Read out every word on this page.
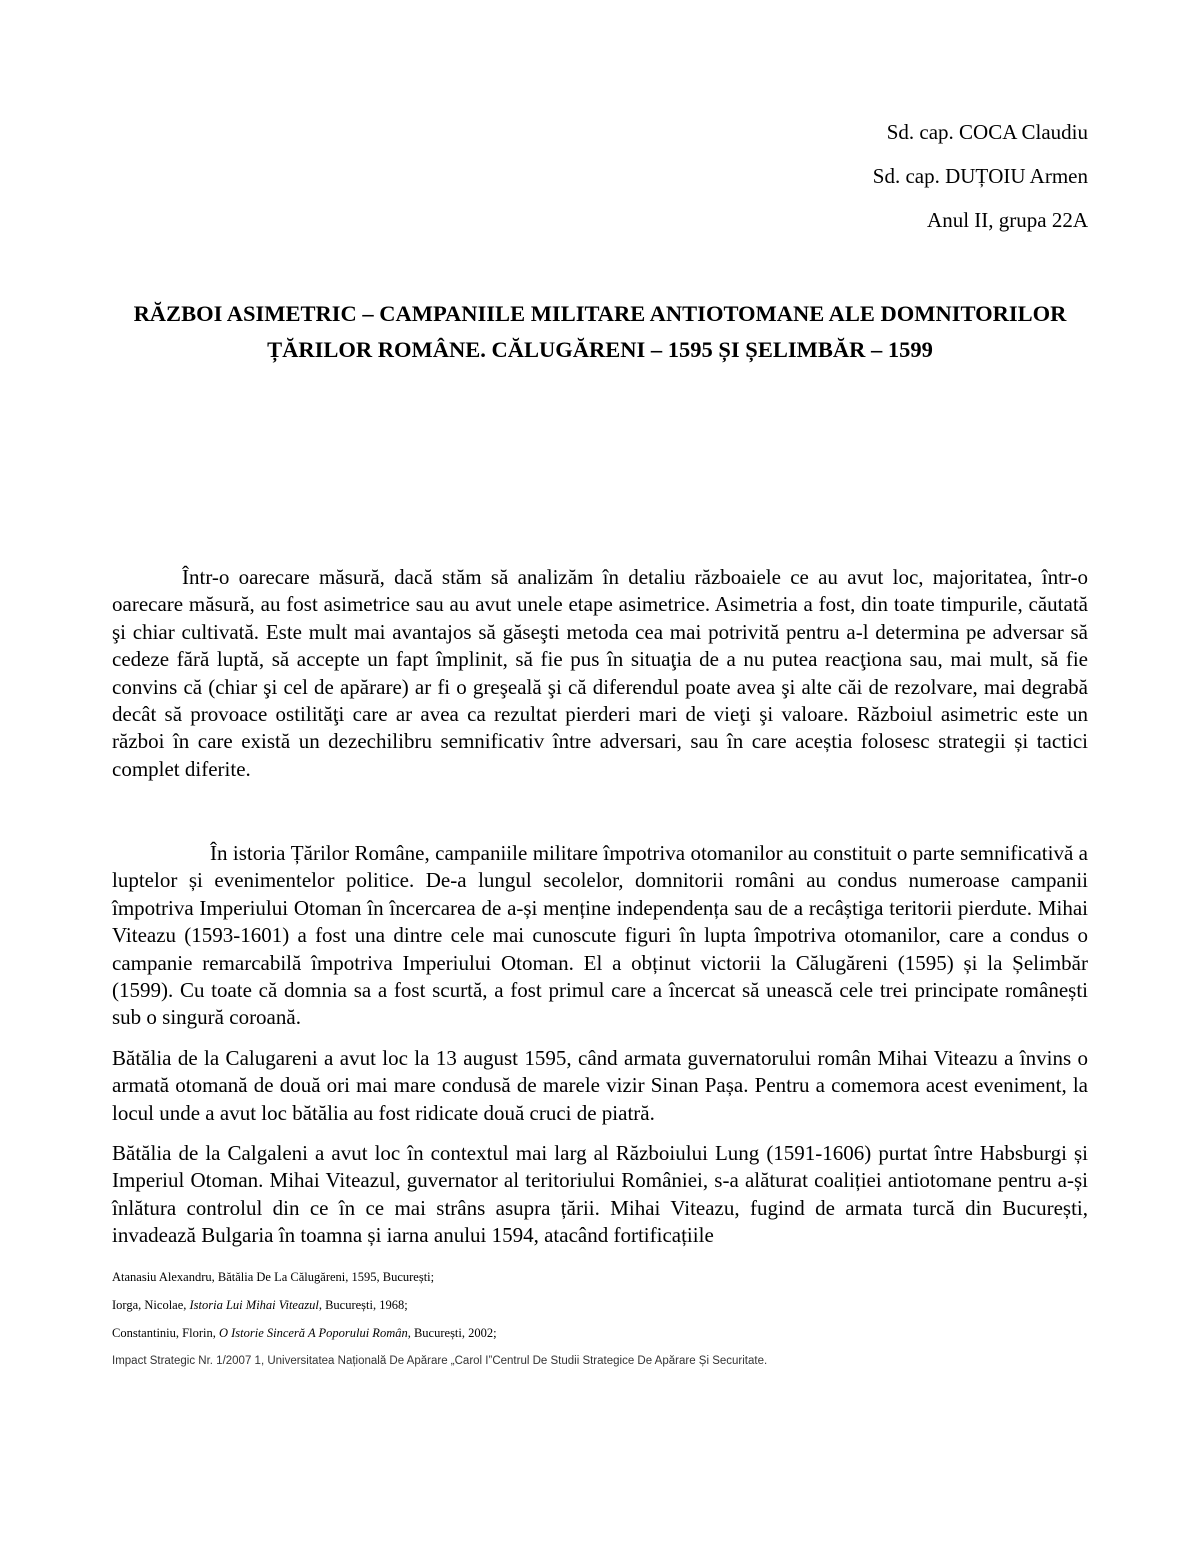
Sd. cap. COCA Claudiu
Sd. cap. DUȚOIU Armen
Anul II, grupa 22A
RĂZBOI ASIMETRIC – CAMPANIILE MILITARE ANTIOTOMANE ALE DOMNITORILOR ȚĂRILOR ROMÂNE. CĂLUGĂRENI – 1595 ȘI ȘELIMBĂR – 1599

Într-o oarecare măsură, dacă stăm să analizăm în detaliu războaiele ce au avut loc, majoritatea, într-o oarecare măsură, au fost asimetrice sau au avut unele etape asimetrice. Asimetria a fost, din toate timpurile, căutată şi chiar cultivată. Este mult mai avantajos să găseşti metoda cea mai potrivită pentru a-l determina pe adversar să cedeze fără luptă, să accepte un fapt împlinit, să fie pus în situaţia de a nu putea reacţiona sau, mai mult, să fie convins că (chiar şi cel de apărare) ar fi o greşeală şi că diferendul poate avea şi alte căi de rezolvare, mai degrabă decât să provoace ostilităţi care ar avea ca rezultat pierderi mari de vieţi şi valoare. Războiul asimetric este un război în care există un dezechilibru semnificativ între adversari, sau în care aceștia folosesc strategii și tactici complet diferite.

În istoria Țărilor Române, campaniile militare împotriva otomanilor au constituit o parte semnificativă a luptelor și evenimentelor politice. De-a lungul secolelor, domnitorii români au condus numeroase campanii împotriva Imperiului Otoman în încercarea de a-și menține independența sau de a recâștiga teritorii pierdute. Mihai Viteazu (1593-1601) a fost una dintre cele mai cunoscute figuri în lupta împotriva otomanilor, care a condus o campanie remarcabilă împotriva Imperiului Otoman. El a obținut victorii la Călugăreni (1595) și la Șelimbăr (1599). Cu toate că domnia sa a fost scurtă, a fost primul care a încercat să unească cele trei principate românești sub o singură coroană.

Bătălia de la Calugareni a avut loc la 13 august 1595, când armata guvernatorului român Mihai Viteazu a învins o armată otomană de două ori mai mare condusă de marele vizir Sinan Pașa. Pentru a comemora acest eveniment, la locul unde a avut loc bătălia au fost ridicate două cruci de piatră.

Bătălia de la Calgaleni a avut loc în contextul mai larg al Războiului Lung (1591-1606) purtat între Habsburgi și Imperiul Otoman. Mihai Viteazul, guvernator al teritoriului României, s-a alăturat coaliției antiotomane pentru a-și înlătura controlul din ce în ce mai strâns asupra țării. Mihai Viteazu, fugind de armata turcă din București, invadează Bulgaria în toamna și iarna anului 1594, atacând fortificațiile

Atanasiu Alexandru, Bătălia De La Călugăreni, 1595, București;

Iorga, Nicolae, Istoria Lui Mihai Viteazul, București, 1968;

Constantiniu, Florin, O Istorie Sinceră A Poporului Român, București, 2002;

Impact Strategic Nr. 1/2007 1, Universitatea Națională De Apărare „Carol I”Centrul De Studii Strategice De Apărare Și Securitate.
